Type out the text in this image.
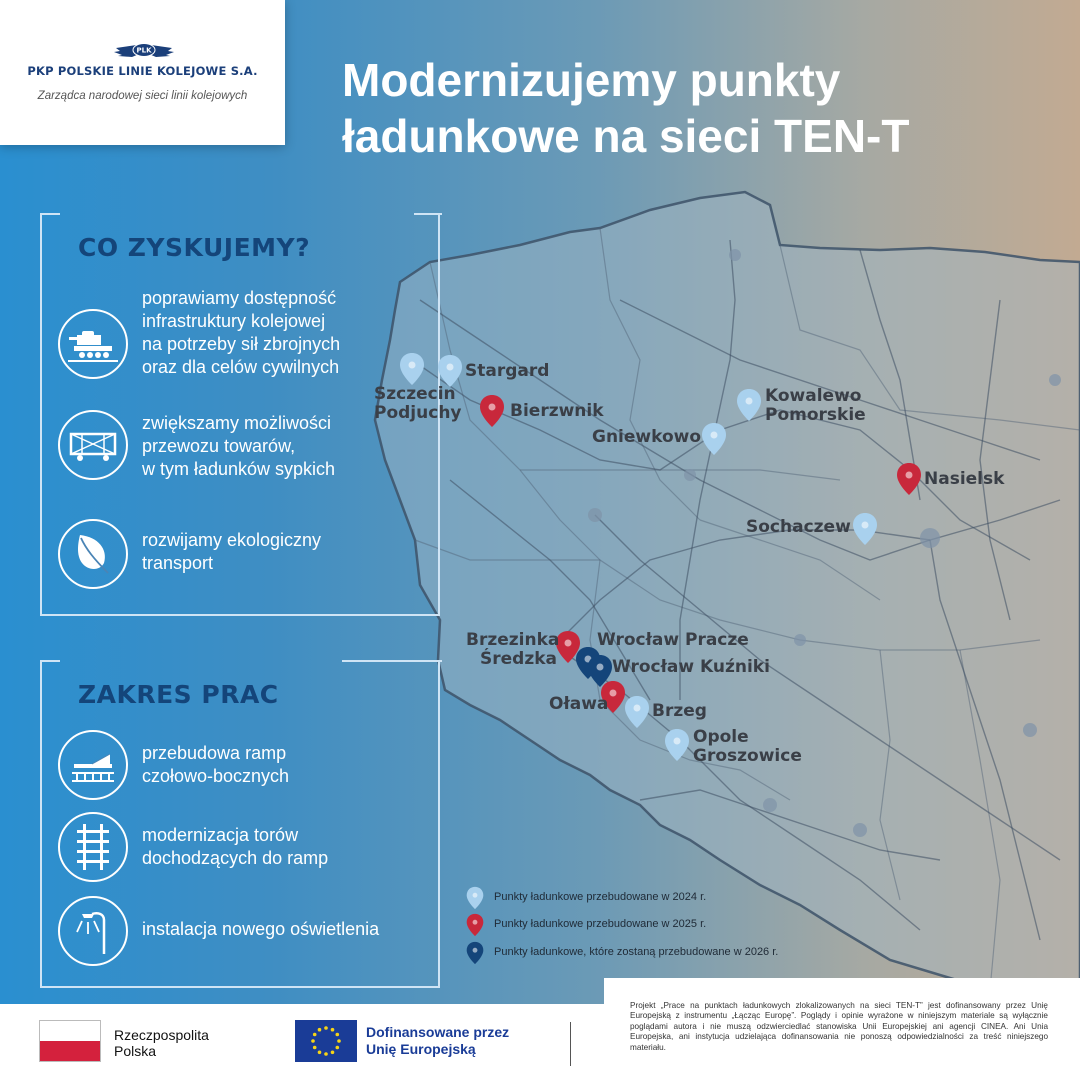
PLK
PKP POLSKIE LINIE KOLEJOWE S.A.
Zarządca narodowej sieci linii kolejowych	Modernizujemy punkty
ładunkowe na sieci TEN-T
CO ZYSKUJEMY?
poprawiamy dostępność
infrastruktury kolejowej
na potrzeby sił zbrojnych
oraz dla celów cywilnych
zwiększamy możliwości
przewozu towarów,
w tym ładunków sypkich
rozwijamy ekologiczny
transport
ZAKRES PRAC
przebudowa ramp
czołowo-bocznych
modernizacja torów
dochodzących do ramp
instalacja nowego oświetlenia
Stargard
Szczecin
Podjuchy	Bierzwnik
Kowalewo
Pomorskie
Gniewkowo
Nasielsk
Sochaczew
Brzezinka
Średzka
Wrocław Pracze
Wrocław Kuźniki
Oława	Brzeg
Opole
Groszowice
Punkty ładunkowe przebudowane w 2024 r.
Punkty ładunkowe przebudowane w 2025 r.
Punkty ładunkowe, które zostaną przebudowane w 2026 r.
Projekt „Prace na punktach ładunkowych zlokalizowanych na sieci TEN-T” jest dofinansowany przez Unię Europejską z instrumentu „Łącząc Europę”. Poglądy i opinie wyrażone w niniejszym materiale są wyłącznie poglądami autora i nie muszą odzwierciedlać stanowiska Unii Europejskiej ani agencji CINEA. Ani Unia Europejska, ani instytucja udzielająca dofinansowania nie ponoszą odpowiedzialności za treść niniejszego materiału.
Rzeczpospolita
Polska
Dofinansowane przez
Unię Europejską
